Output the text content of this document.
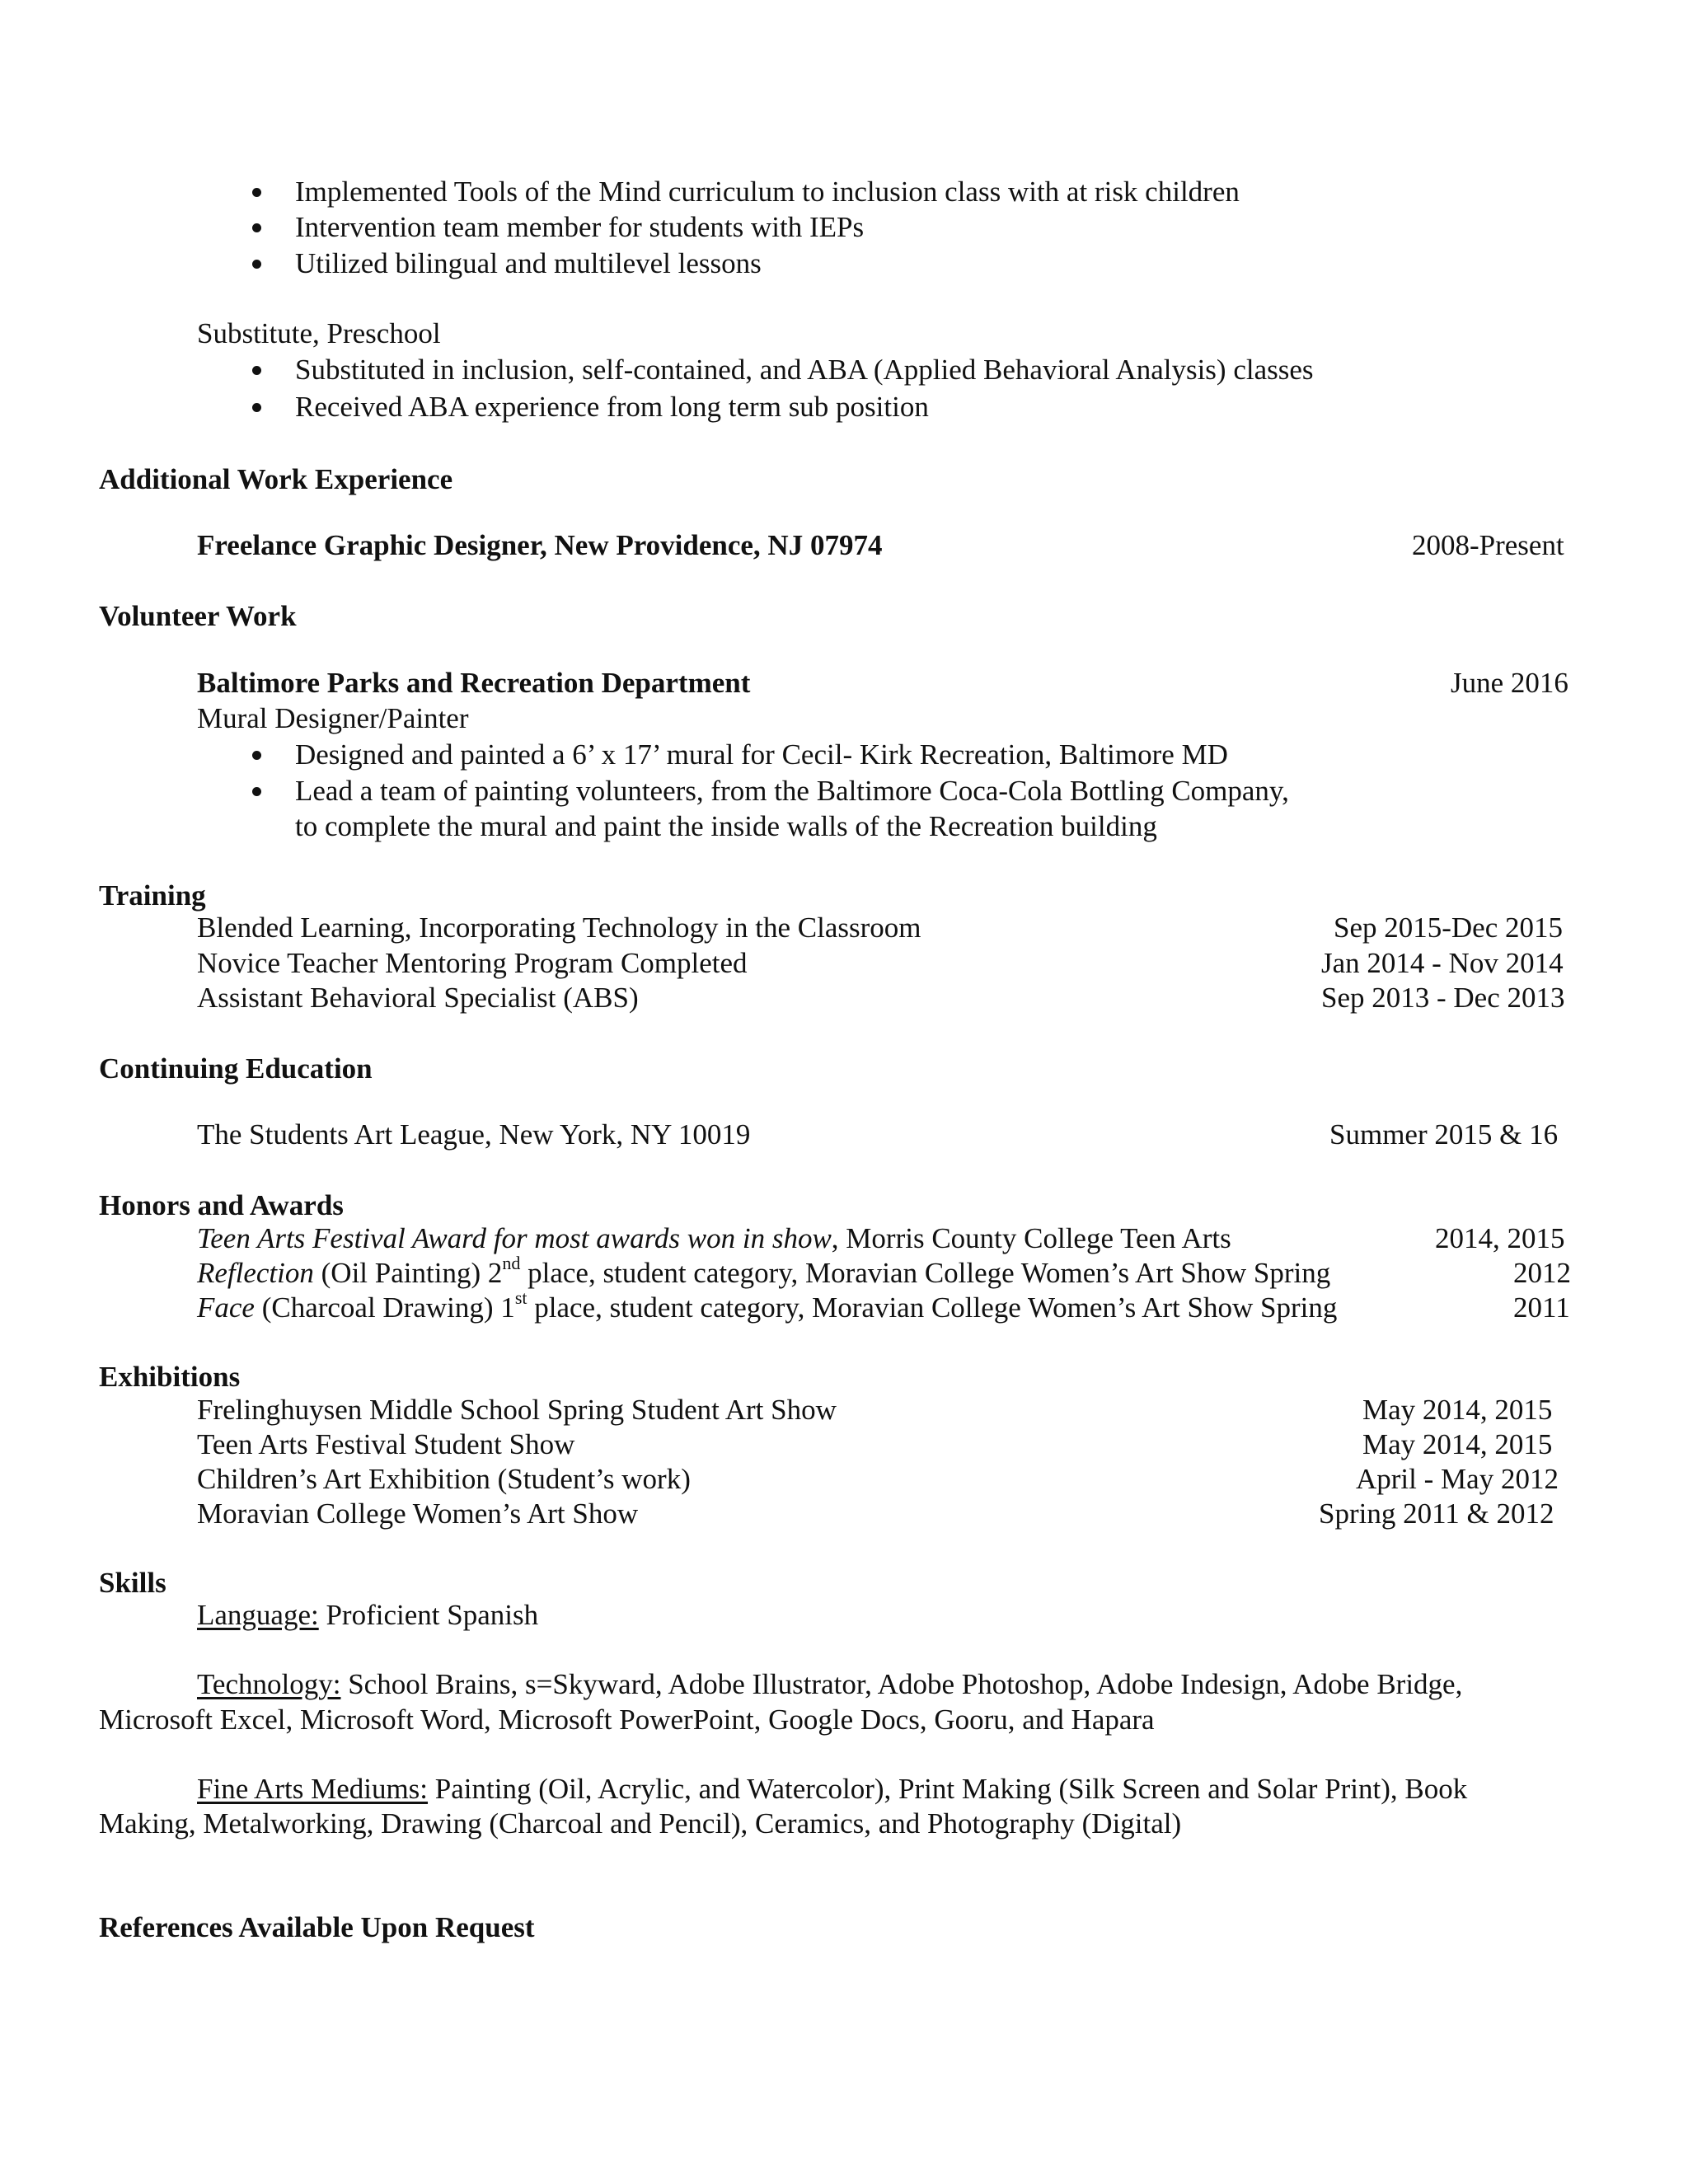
Implemented Tools of the Mind curriculum to inclusion class with at risk children
Intervention team member for students with IEPs
Utilized bilingual and multilevel lessons
Substitute, Preschool
Substituted in inclusion, self-contained, and ABA (Applied Behavioral Analysis) classes
Received ABA experience from long term sub position
Additional Work Experience
Freelance Graphic Designer, New Providence, NJ 07974	2008-Present
Volunteer Work
Baltimore Parks and Recreation Department	June 2016
Mural Designer/Painter
Designed and painted a 6’ x 17’ mural for Cecil- Kirk Recreation, Baltimore MD
Lead a team of painting volunteers, from the Baltimore Coca-Cola Bottling Company,
to complete the mural and paint the inside walls of the Recreation building
Training
Blended Learning, Incorporating Technology in the Classroom	Sep 2015-Dec 2015
Novice Teacher Mentoring Program Completed	Jan 2014 - Nov 2014
Assistant Behavioral Specialist (ABS)	Sep 2013 - Dec 2013
Continuing Education
The Students Art League, New York, NY 10019	Summer 2015 & 16
Honors and Awards
Teen Arts Festival Award for most awards won in show, Morris County College Teen Arts	2014, 2015
Reflection (Oil Painting) 2nd place, student category, Moravian College Women’s Art Show Spring	2012
Face (Charcoal Drawing) 1st place, student category, Moravian College Women’s Art Show Spring	2011
Exhibitions
Frelinghuysen Middle School Spring Student Art Show	May 2014, 2015
Teen Arts Festival Student Show	May 2014, 2015
Children’s Art Exhibition (Student’s work)	April - May 2012
Moravian College Women’s Art Show	Spring 2011 & 2012
Skills
Language: Proficient Spanish
Technology: School Brains, s=Skyward, Adobe Illustrator, Adobe Photoshop, Adobe Indesign, Adobe Bridge,
Microsoft Excel, Microsoft Word, Microsoft PowerPoint, Google Docs, Gooru, and Hapara
Fine Arts Mediums: Painting (Oil, Acrylic, and Watercolor), Print Making (Silk Screen and Solar Print), Book
Making, Metalworking, Drawing (Charcoal and Pencil), Ceramics, and Photography (Digital)
References Available Upon Request
